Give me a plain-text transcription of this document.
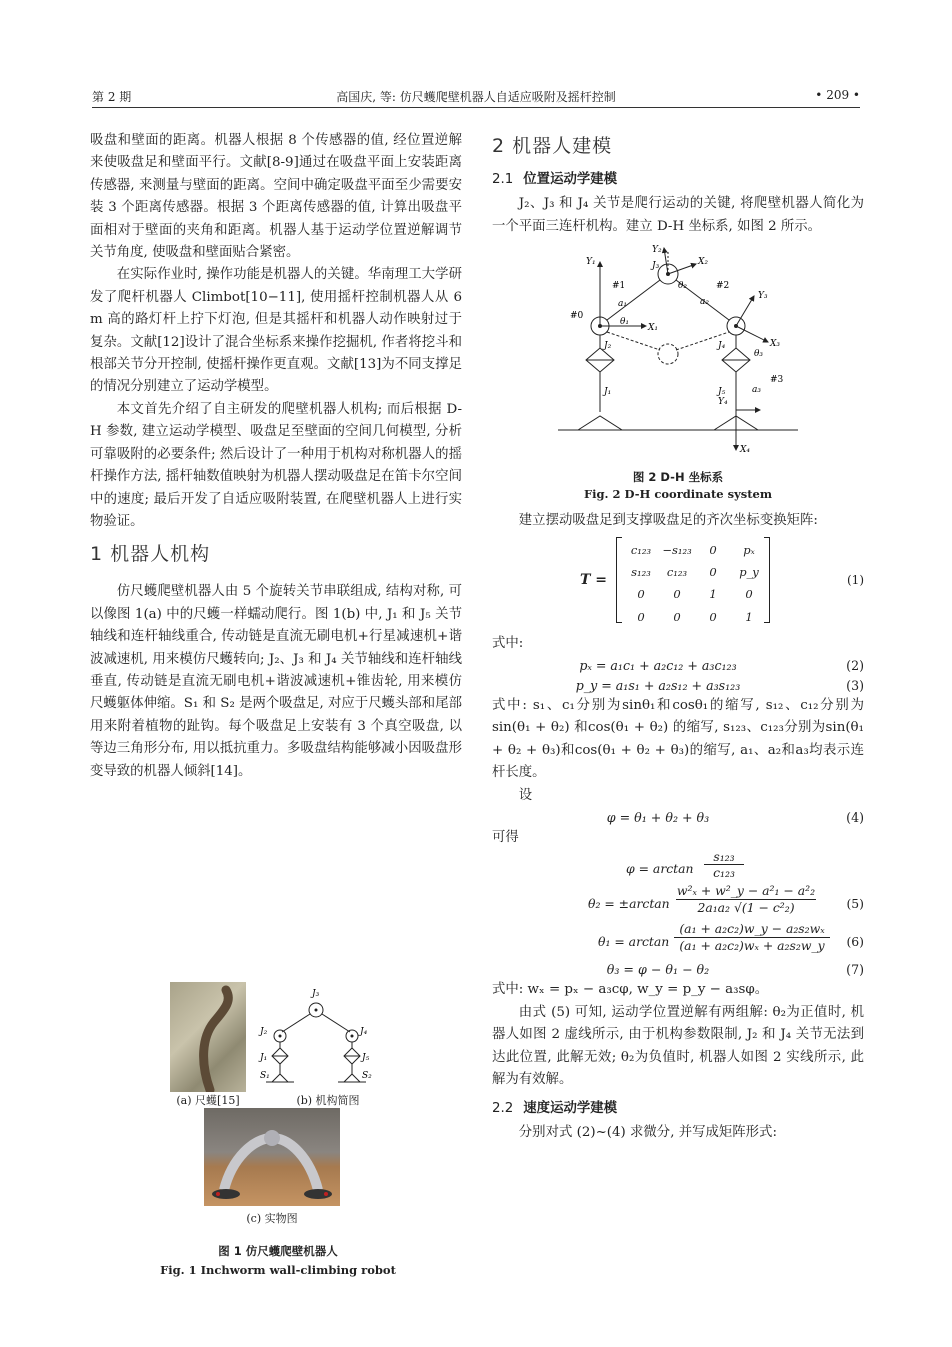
第 2 期	高国庆, 等: 仿尺蠖爬壁机器人自适应吸附及摇杆控制	• 209 •

吸盘和壁面的距离。机器人根据 8 个传感器的值, 经位置逆解来使吸盘足和壁面平行。文献[8-9]通过在吸盘平面上安装距离传感器, 来测量与壁面的距离。空间中确定吸盘平面至少需要安装 3 个距离传感器。根据 3 个距离传感器的值, 计算出吸盘平面相对于壁面的夹角和距离。机器人基于运动学位置逆解调节关节角度, 使吸盘和壁面贴合紧密。

在实际作业时, 操作功能是机器人的关键。华南理工大学研发了爬杆机器人 Climbot[10−11], 使用摇杆控制机器人从 6 m 高的路灯杆上拧下灯泡, 但是其摇杆和机器人动作映射过于复杂。文献[12]设计了混合坐标系来操作挖掘机, 作者将挖斗和根部关节分开控制, 使摇杆操作更直观。文献[13]为不同支撑足的情况分别建立了运动学模型。

本文首先介绍了自主研发的爬壁机器人机构; 而后根据 D-H 参数, 建立运动学模型、吸盘足至壁面的空间几何模型, 分析可靠吸附的必要条件; 然后设计了一种用于机构对称机器人的摇杆操作方法, 摇杆轴数值映射为机器人摆动吸盘足在笛卡尔空间中的速度; 最后开发了自适应吸附装置, 在爬壁机器人上进行实物验证。

1 机器人机构

仿尺蠖爬壁机器人由 5 个旋转关节串联组成, 结构对称, 可以像图 1(a) 中的尺蠖一样蠕动爬行。图 1(b) 中, J₁ 和 J₅ 关节轴线和连杆轴线重合, 传动链是直流无刷电机+行星减速机+谐波减速机, 用来模仿尺蠖转向; J₂、J₃ 和 J₄ 关节轴线和连杆轴线垂直, 传动链是直流无刷电机+谐波减速机+锥齿轮, 用来模仿尺蠖躯体伸缩。S₁ 和 S₂ 是两个吸盘足, 对应于尺蠖头部和尾部用来附着植物的趾钩。每个吸盘足上安装有 3 个真空吸盘, 以等边三角形分布, 用以抵抗重力。多吸盘结构能够减小因吸盘形变导致的机器人倾斜[14]。

(a) 尺蠖[15]
J₃
J₂
J₁
S₁
J₄
J₅
S₂
(b) 机构简图
(c) 实物图
图 1 仿尺蠖爬壁机器人
Fig. 1 Inchworm wall-climbing robot
2 机器人建模
2.1 位置运动学建模

J₂、J₃ 和 J₄ 关节是爬行运动的关键, 将爬壁机器人简化为一个平面三连杆机构。建立 D-H 坐标系, 如图 2 所示。

Y₁
Y₂
Y₃
Y₄
X₁
X₂
X₃
X₄
J₂
J₃
J₄
J₁	J₅
a₁	a₂
a₃
θ₁
θ₂
θ₃
#0
#1	#2
#3
图 2 D-H 坐标系
Fig. 2 D-H coordinate system

建立摆动吸盘足到支撑吸盘足的齐次坐标变换矩阵:

T =
c₁₂₃	−s₁₂₃	0	pₓ
s₁₂₃	c₁₂₃	0	p_y
0	0	1	0
0	0	0	1
(1)

式中:

pₓ = a₁c₁ + a₂c₁₂ + a₃c₁₂₃	(2)
p_y = a₁s₁ + a₂s₁₂ + a₃s₁₂₃	(3)

式中: s₁、c₁分别为sinθ₁和cosθ₁的缩写, s₁₂、c₁₂分别为sin(θ₁ + θ₂) 和cos(θ₁ + θ₂) 的缩写, s₁₂₃、c₁₂₃分别为sin(θ₁ + θ₂ + θ₃)和cos(θ₁ + θ₂ + θ₃)的缩写, a₁、a₂和a₃均表示连杆长度。

设

φ = θ₁ + θ₂ + θ₃	(4)

可得

$\varphi = \arctan \frac{\text{s₁₂₃}}{\text{c₁₂₃}}$
$\theta_2 = \pm\arctan \frac{\text{w²ₓ + w²\_y − a²₁ − a²₂}}{\text{2a₁a₂ √(1 − c²₂)}} (5)$
$\theta_1 = \arctan \frac{\text{(a₁ + a₂c₂)w\_y − a₂s₂wₓ}}{\text{(a₁ + a₂c₂)wₓ + a₂s₂w\_y}} (6)$
θ₃ = φ − θ₁ − θ₂	(7)

式中: wₓ = pₓ − a₃cφ, w_y = p_y − a₃sφ。

由式 (5) 可知, 运动学位置逆解有两组解: θ₂为正值时, 机器人如图 2 虚线所示, 由于机构参数限制, J₂ 和 J₄ 关节无法到达此位置, 此解无效; θ₂为负值时, 机器人如图 2 实线所示, 此解为有效解。

2.2 速度运动学建模

分别对式 (2)~(4) 求微分, 并写成矩阵形式:
